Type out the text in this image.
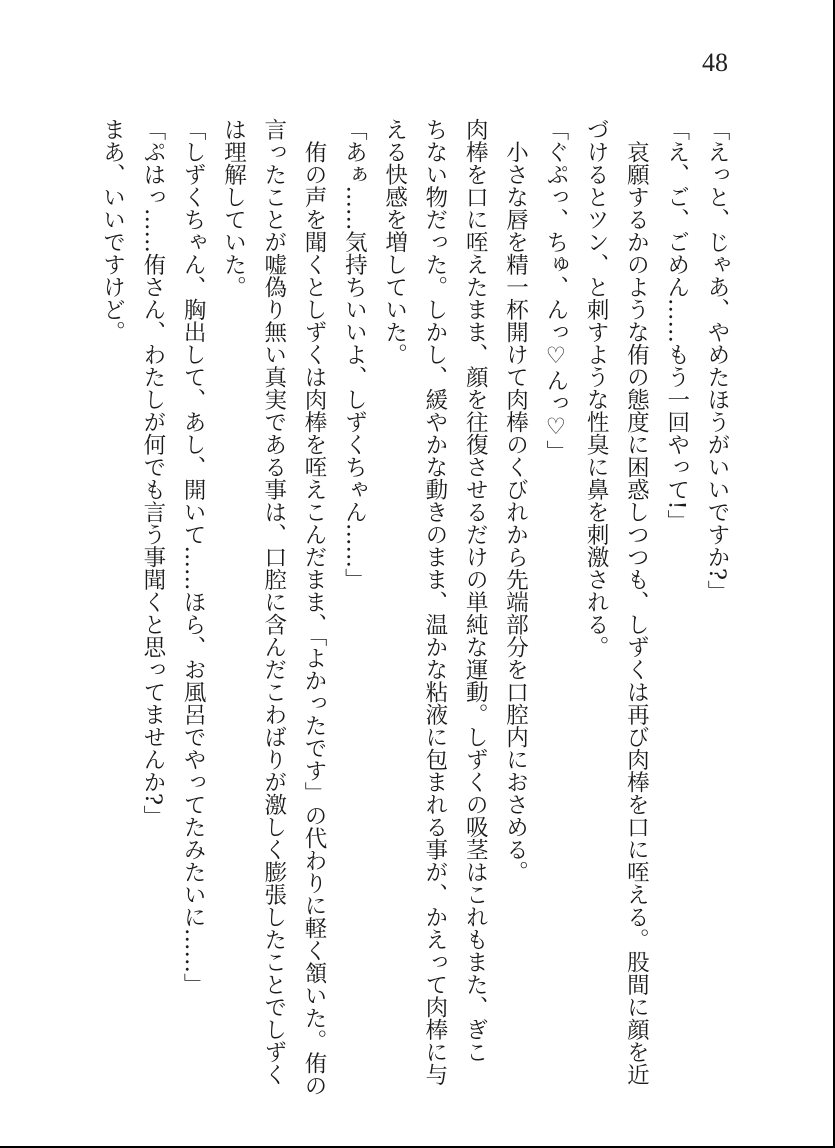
48

「えっと、じゃあ、やめたほうがいいですか?」

「え、ご、ごめん……もう一回やって!」

　哀願するかのような侑の態度に困惑しつつも、しずくは再び肉棒を口に咥える。股間に顔を近

づけるとツン、と刺すような性臭に鼻を刺激される。

「ぐぷっ、ちゅ、んっ♡んっ♡」

　小さな唇を精一杯開けて肉棒のくびれから先端部分を口腔内におさめる。

肉棒を口に咥えたまま、顔を往復させるだけの単純な運動。しずくの吸茎はこれもまた、ぎこ

ちない物だった。しかし、緩やかな動きのまま、温かな粘液に包まれる事が、かえって肉棒に与

える快感を増していた。

「あぁ……気持ちいいよ、しずくちゃん……」

　侑の声を聞くとしずくは肉棒を咥えこんだまま、「よかったです」の代わりに軽く頷いた。侑の

言ったことが嘘偽り無い真実である事は、口腔に含んだこわばりが激しく膨張したことでしずく

は理解していた。

「しずくちゃん、胸出して、あし、開いて……ほら、お風呂でやってたみたいに……」

「ぷはっ……侑さん、わたしが何でも言う事聞くと思ってませんか?」

まあ、いいですけど。
